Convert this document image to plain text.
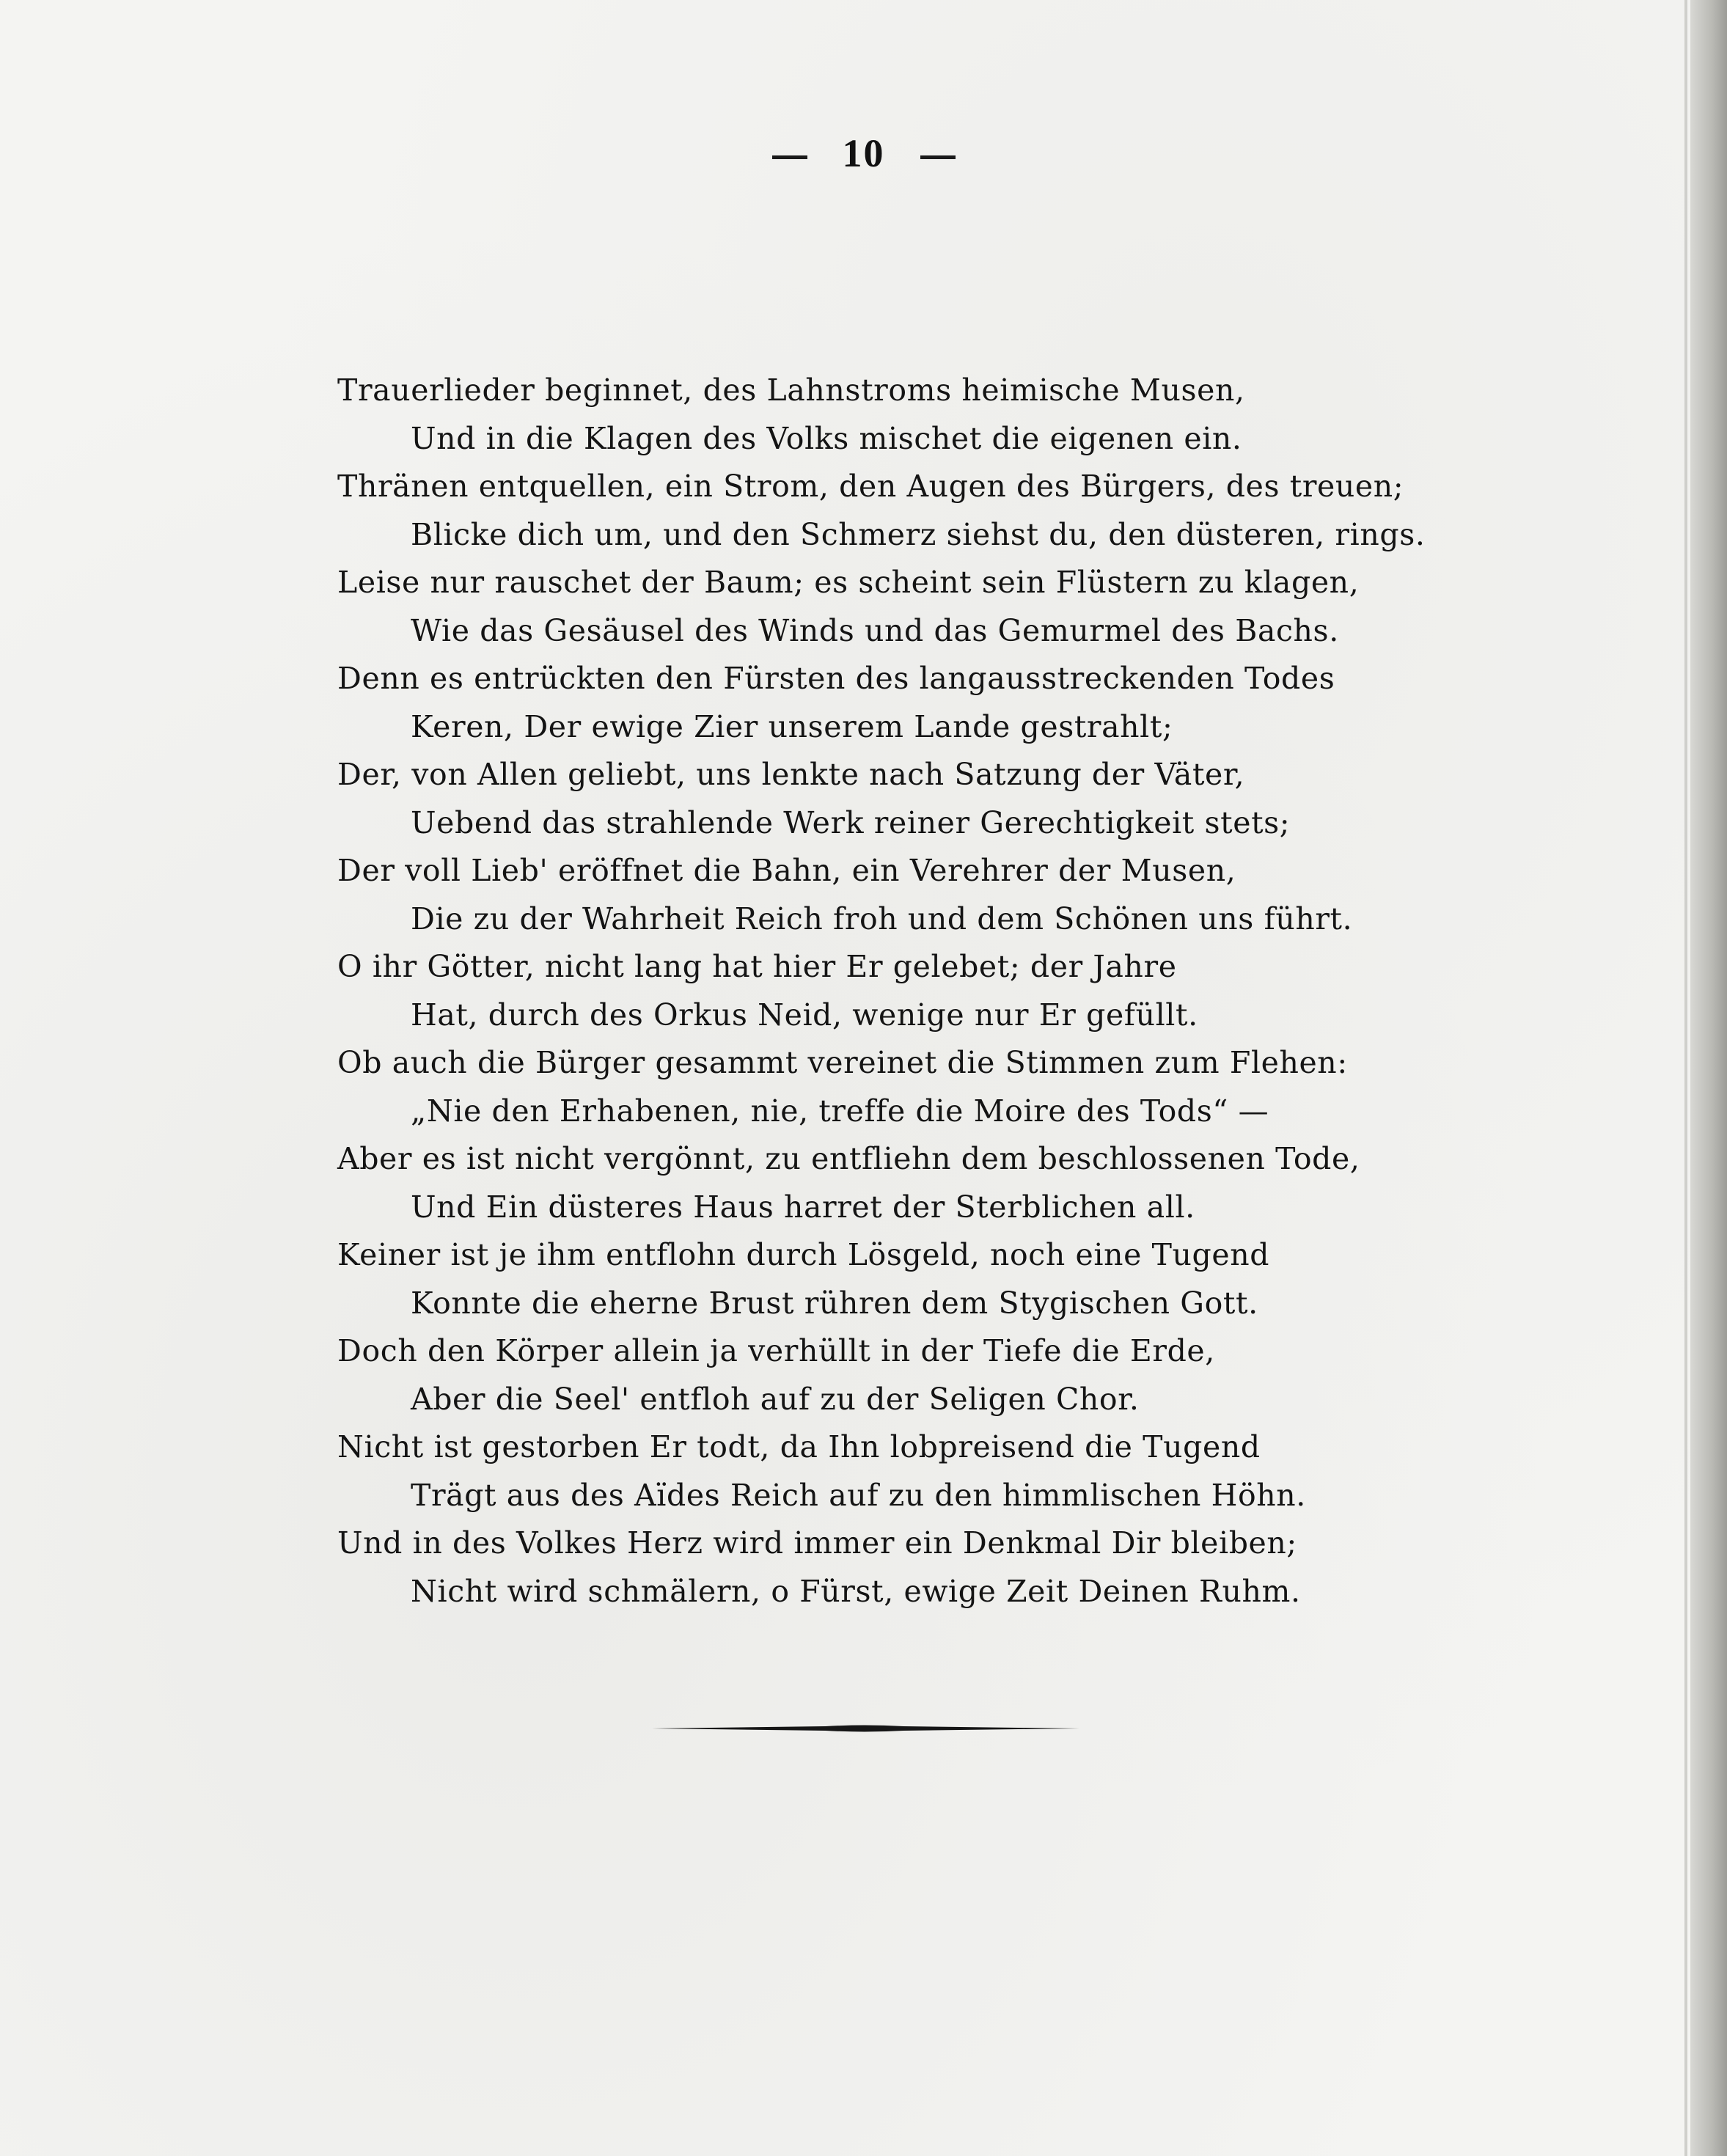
10
Trauerlieder beginnet, des Lahnstroms heimische Musen,
Und in die Klagen des Volks mischet die eigenen ein.
Thränen entquellen, ein Strom, den Augen des Bürgers, des treuen;
Blicke dich um, und den Schmerz siehst du, den düsteren, rings.
Leise nur rauschet der Baum; es scheint sein Flüstern zu klagen,
Wie das Gesäusel des Winds und das Gemurmel des Bachs.
Denn es entrückten den Fürsten des langausstreckenden Todes
Keren, Der ewige Zier unserem Lande gestrahlt;
Der, von Allen geliebt, uns lenkte nach Satzung der Väter,
Uebend das strahlende Werk reiner Gerechtigkeit stets;
Der voll Lieb' eröffnet die Bahn, ein Verehrer der Musen,
Die zu der Wahrheit Reich froh und dem Schönen uns führt.
O ihr Götter, nicht lang hat hier Er gelebet; der Jahre
Hat, durch des Orkus Neid, wenige nur Er gefüllt.
Ob auch die Bürger gesammt vereinet die Stimmen zum Flehen:
„Nie den Erhabenen, nie, treffe die Moire des Tods“ —
Aber es ist nicht vergönnt, zu entfliehn dem beschlossenen Tode,
Und Ein düsteres Haus harret der Sterblichen all.
Keiner ist je ihm entflohn durch Lösgeld, noch eine Tugend
Konnte die eherne Brust rühren dem Stygischen Gott.
Doch den Körper allein ja verhüllt in der Tiefe die Erde,
Aber die Seel' entfloh auf zu der Seligen Chor.
Nicht ist gestorben Er todt, da Ihn lobpreisend die Tugend
Trägt aus des Aïdes Reich auf zu den himmlischen Höhn.
Und in des Volkes Herz wird immer ein Denkmal Dir bleiben;
Nicht wird schmälern, o Fürst, ewige Zeit Deinen Ruhm.
